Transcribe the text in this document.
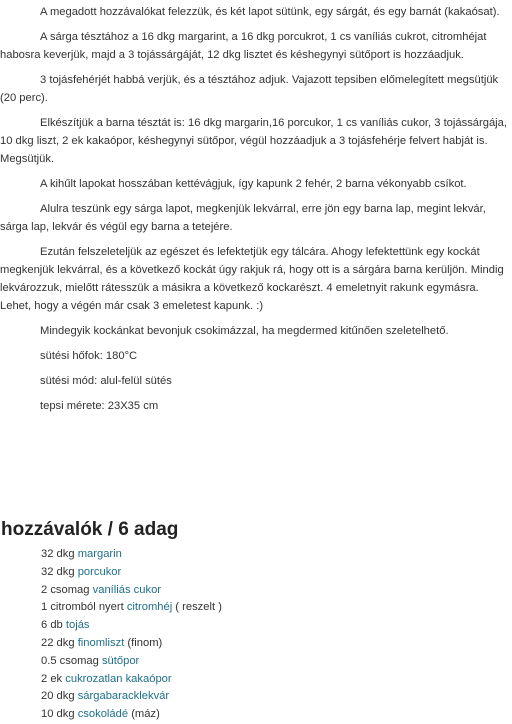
A megadott hozzávalókat felezzük, és két lapot sütünk, egy sárgát, és egy barnát (kakaósat).

A sárga tésztához a 16 dkg margarint, a 16 dkg porcukrot, 1 cs vaníliás cukrot, citromhéjat habosra keverjük, majd a 3 tojássárgáját, 12 dkg lisztet és késhegynyi sütőport is hozzáadjuk.

3 tojásfehérjét habbá verjük, és a tésztához adjuk. Vajazott tepsiben előmelegített megsütjük (20 perc).

Elkészítjük a barna tésztát is: 16 dkg margarin,16 porcukor, 1 cs vaníliás cukor, 3 tojássárgája, 10 dkg liszt, 2 ek kakaópor, késhegynyi sütőpor, végül hozzáadjuk a 3 tojásfehérje felvert habját is. Megsütjük.

A kihűlt lapokat hosszában kettévágjuk, így kapunk 2 fehér, 2 barna vékonyabb csíkot.

Alulra teszünk egy sárga lapot, megkenjük lekvárral, erre jön egy barna lap, megint lekvár, sárga lap, lekvár és végül egy barna a tetejére.

Ezután felszeleteljük az egészet és lefektetjük egy tálcára. Ahogy lefektettünk egy kockát megkenjük lekvárral, és a következő kockát úgy rakjuk rá, hogy ott is a sárgára barna kerüljön. Mindig lekvározzuk, mielőtt rátesszük a másikra a következő kockarészt. 4 emeletnyit rakunk egymásra. Lehet, hogy a végén már csak 3 emeletest kapunk. :)

Mindegyik kockánkat bevonjuk csokimázzal, ha megdermed kitűnően szeletelhető.

sütési hőfok: 180°C

sütési mód: alul-felül sütés

tepsi mérete: 23X35 cm

hozzávalók / 6 adag
32 dkg margarin
32 dkg porcukor
2 csomag vaníliás cukor
1 citromból nyert citromhéj ( reszelt )
6 db tojás
22 dkg finomliszt (finom)
0.5 csomag sütőpor
2 ek cukrozatlan kakaópor
20 dkg sárgabaracklekvár
10 dkg csokoládé (máz)
